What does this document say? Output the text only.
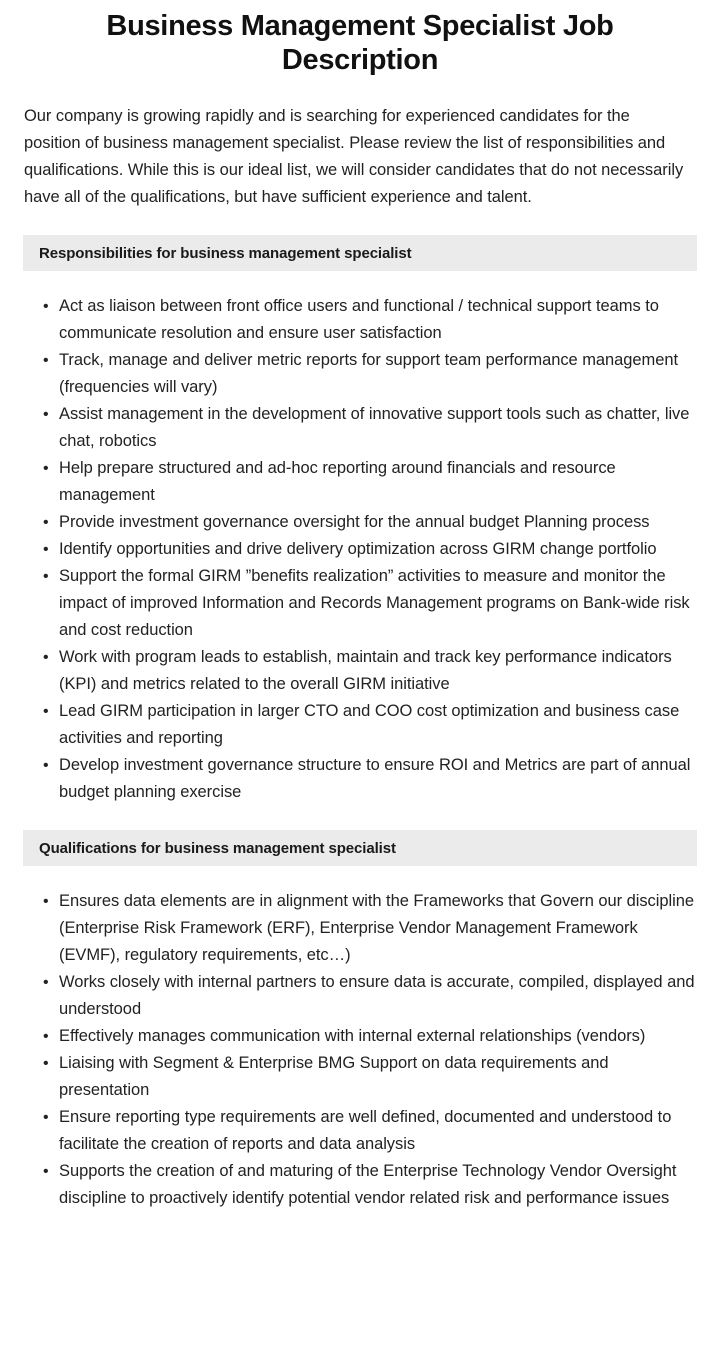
Business Management Specialist Job Description

Our company is growing rapidly and is searching for experienced candidates for the position of business management specialist. Please review the list of responsibilities and qualifications. While this is our ideal list, we will consider candidates that do not necessarily have all of the qualifications, but have sufficient experience and talent.

Responsibilities for business management specialist
• Act as liaison between front office users and functional / technical support teams to communicate resolution and ensure user satisfaction
• Track, manage and deliver metric reports for support team performance management (frequencies will vary)
• Assist management in the development of innovative support tools such as chatter, live chat, robotics
• Help prepare structured and ad-hoc reporting around financials and resource management
• Provide investment governance oversight for the annual budget Planning process
• Identify opportunities and drive delivery optimization across GIRM change portfolio
• Support the formal GIRM ”benefits realization” activities to measure and monitor the impact of improved Information and Records Management programs on Bank-wide risk and cost reduction
• Work with program leads to establish, maintain and track key performance indicators (KPI) and metrics related to the overall GIRM initiative
• Lead GIRM participation in larger CTO and COO cost optimization and business case activities and reporting
• Develop investment governance structure to ensure ROI and Metrics are part of annual budget planning exercise
Qualifications for business management specialist
• Ensures data elements are in alignment with the Frameworks that Govern our discipline (Enterprise Risk Framework (ERF), Enterprise Vendor Management Framework (EVMF), regulatory requirements, etc…)
• Works closely with internal partners to ensure data is accurate, compiled, displayed and understood
• Effectively manages communication with internal external relationships (vendors)
• Liaising with Segment & Enterprise BMG Support on data requirements and presentation
• Ensure reporting type requirements are well defined, documented and understood to facilitate the creation of reports and data analysis
• Supports the creation of and maturing of the Enterprise Technology Vendor Oversight discipline to proactively identify potential vendor related risk and performance issues
